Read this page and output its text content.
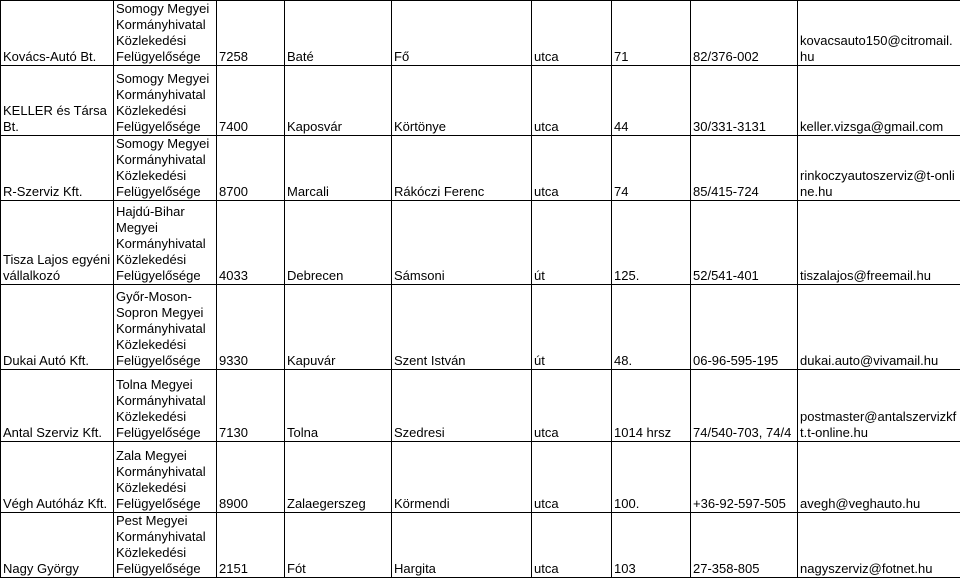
Kovács-Autó Bt.	Somogy Megyei Kormányhivatal Közlekedési Felügyelősége	7258	Baté	Fő	utca	71	82/376-002	kovacsauto150@citromail.hu
KELLER és Társa Bt.	Somogy Megyei Kormányhivatal Közlekedési Felügyelősége	7400	Kaposvár	Körtönye	utca	44	30/331-3131	keller.vizsga@gmail.com
R-Szerviz Kft.	Somogy Megyei Kormányhivatal Közlekedési Felügyelősége	8700	Marcali	Rákóczi Ferenc	utca	74	85/415-724	rinkoczyautoszerviz@t-online.hu
Tisza Lajos egyéni vállalkozó	Hajdú-Bihar Megyei Kormányhivatal Közlekedési Felügyelősége	4033	Debrecen	Sámsoni	út	125.	52/541-401	tiszalajos@freemail.hu
Dukai Autó Kft.	Győr-Moson-Sopron Megyei Kormányhivatal Közlekedési Felügyelősége	9330	Kapuvár	Szent István	út	48.	06-96-595-195	dukai.auto@vivamail.hu
Antal Szerviz Kft.	Tolna Megyei Kormányhivatal Közlekedési Felügyelősége	7130	Tolna	Szedresi	utca	1014 hrsz	74/540-703, 74/4	postmaster@antalszervizkft.t-online.hu
Végh Autóház Kft.	Zala Megyei Kormányhivatal Közlekedési Felügyelősége	8900	Zalaegerszeg	Körmendi	utca	100.	+36-92-597-505	avegh@veghauto.hu
Nagy György	Pest Megyei Kormányhivatal Közlekedési Felügyelősége	2151	Fót	Hargita	utca	103	27-358-805	nagyszerviz@fotnet.hu
